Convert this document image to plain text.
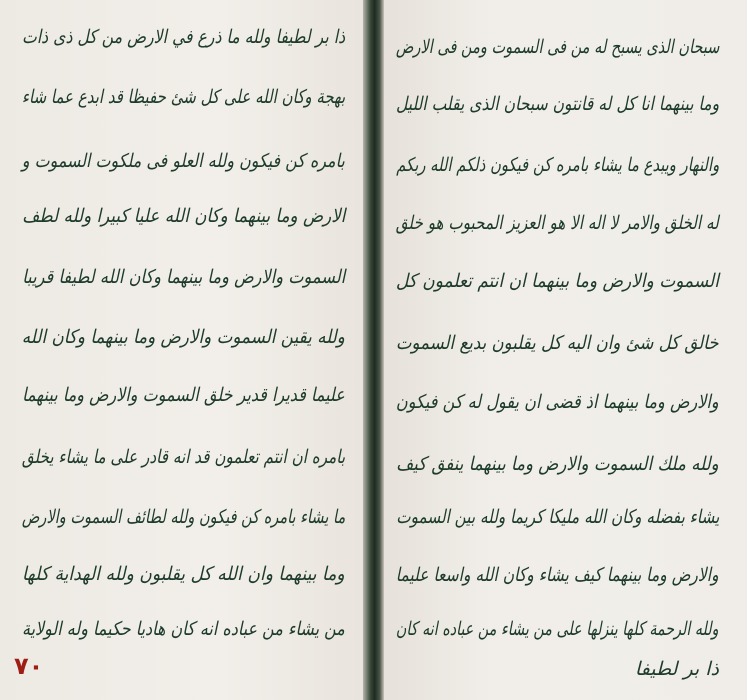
ذا بر لطيفا ولله ما ذرع في الارض من كل ذى ذات
بهجة وكان الله على كل شئ حفيظا قد ابدع عما شاء
بامره كن فيكون ولله العلو فى ملكوت السموت و
الارض وما بينهما وكان الله عليا كبيرا ولله لطف
السموت والارض وما بينهما وكان الله لطيفا قريبا
ولله يقين السموت والارض وما بينهما وكان الله
عليما قديرا قدير خلق السموت والارض وما بينهما
بامره ان انتم تعلمون قد انه قادر على ما يشاء يخلق
ما يشاء بامره كن فيكون ولله لطائف السموت والارض
وما بينهما وان الله كل يقلبون ولله الهداية كلها
من يشاء من عباده انه كان هاديا حكيما وله الولاية
٧٠
سبحان الذى يسبح له من فى السموت ومن فى الارض
وما بينهما انا كل له قانتون سبحان الذى يقلب الليل
والنهار ويبدع ما يشاء بامره كن فيكون ذلكم الله ربكم
له الخلق والامر لا اله الا هو العزيز المحبوب هو خلق
السموت والارض وما بينهما ان انتم تعلمون كل
خالق كل شئ وان اليه كل يقلبون بديع السموت
والارض وما بينهما اذ قضى ان يقول له كن فيكون
ولله ملك السموت والارض وما بينهما ينفق كيف
يشاء بفضله وكان الله مليكا كريما ولله بين السموت
والارض وما بينهما كيف يشاء وكان الله واسعا عليما
ولله الرحمة كلها ينزلها على من يشاء من عباده انه كان
ذا بر لطيفا
